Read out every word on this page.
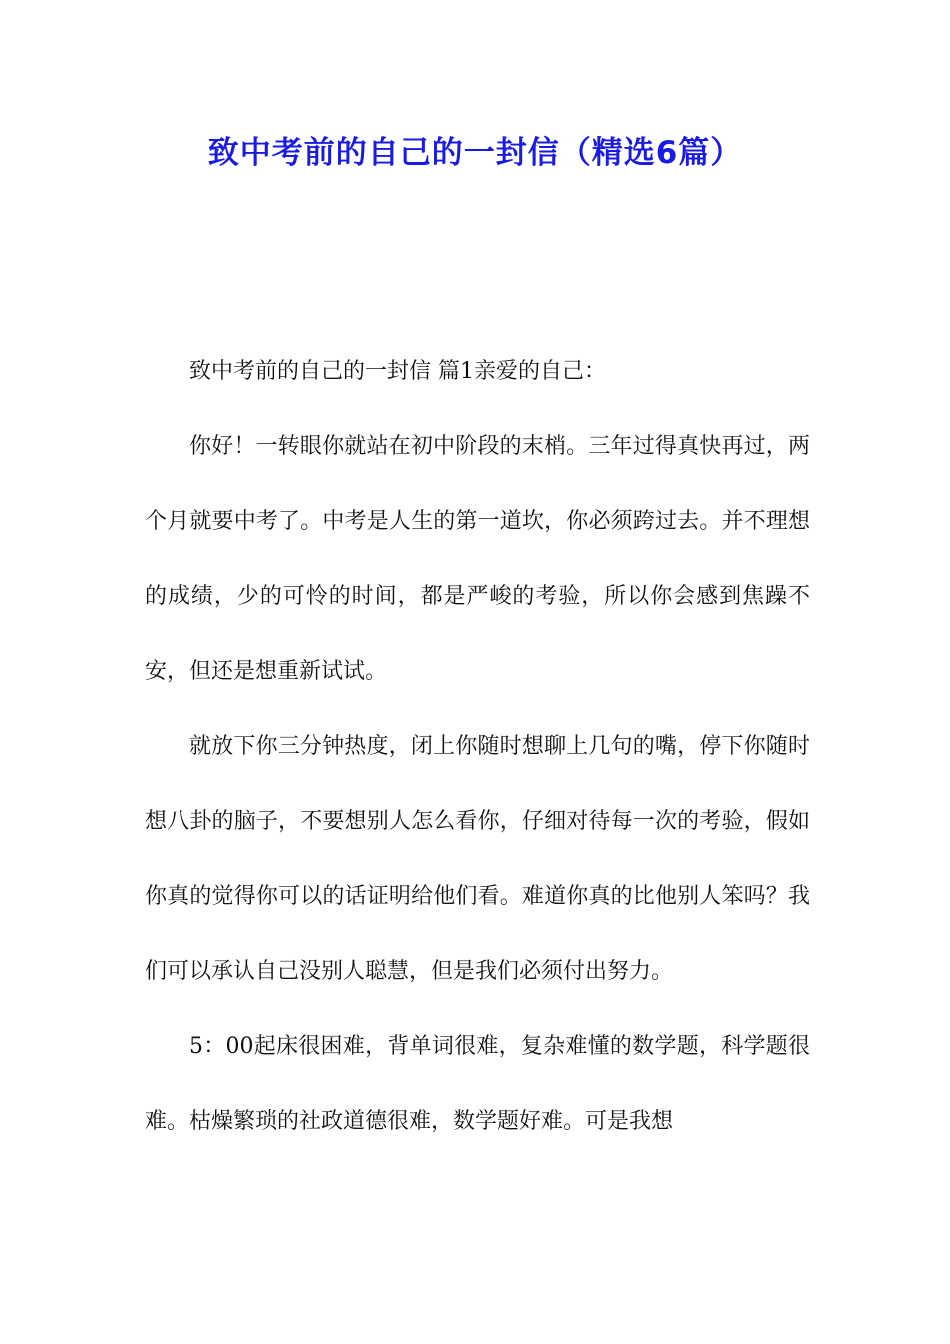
致中考前的自己的一封信（精选6篇）

致中考前的自己的一封信 篇1亲爱的自己：

你好！一转眼你就站在初中阶段的末梢。三年过得真快再过，两个月就要中考了。中考是人生的第一道坎，你必须跨过去。并不理想的成绩，少的可怜的时间，都是严峻的考验，所以你会感到焦躁不安，但还是想重新试试。

就放下你三分钟热度，闭上你随时想聊上几句的嘴，停下你随时想八卦的脑子，不要想别人怎么看你，仔细对待每一次的考验，假如你真的觉得你可以的话证明给他们看。难道你真的比他别人笨吗？我们可以承认自己没别人聪慧，但是我们必须付出努力。

5：00起床很困难，背单词很难，复杂难懂的数学题，科学题很难。枯燥繁琐的社政道德很难，数学题好难。可是我想
